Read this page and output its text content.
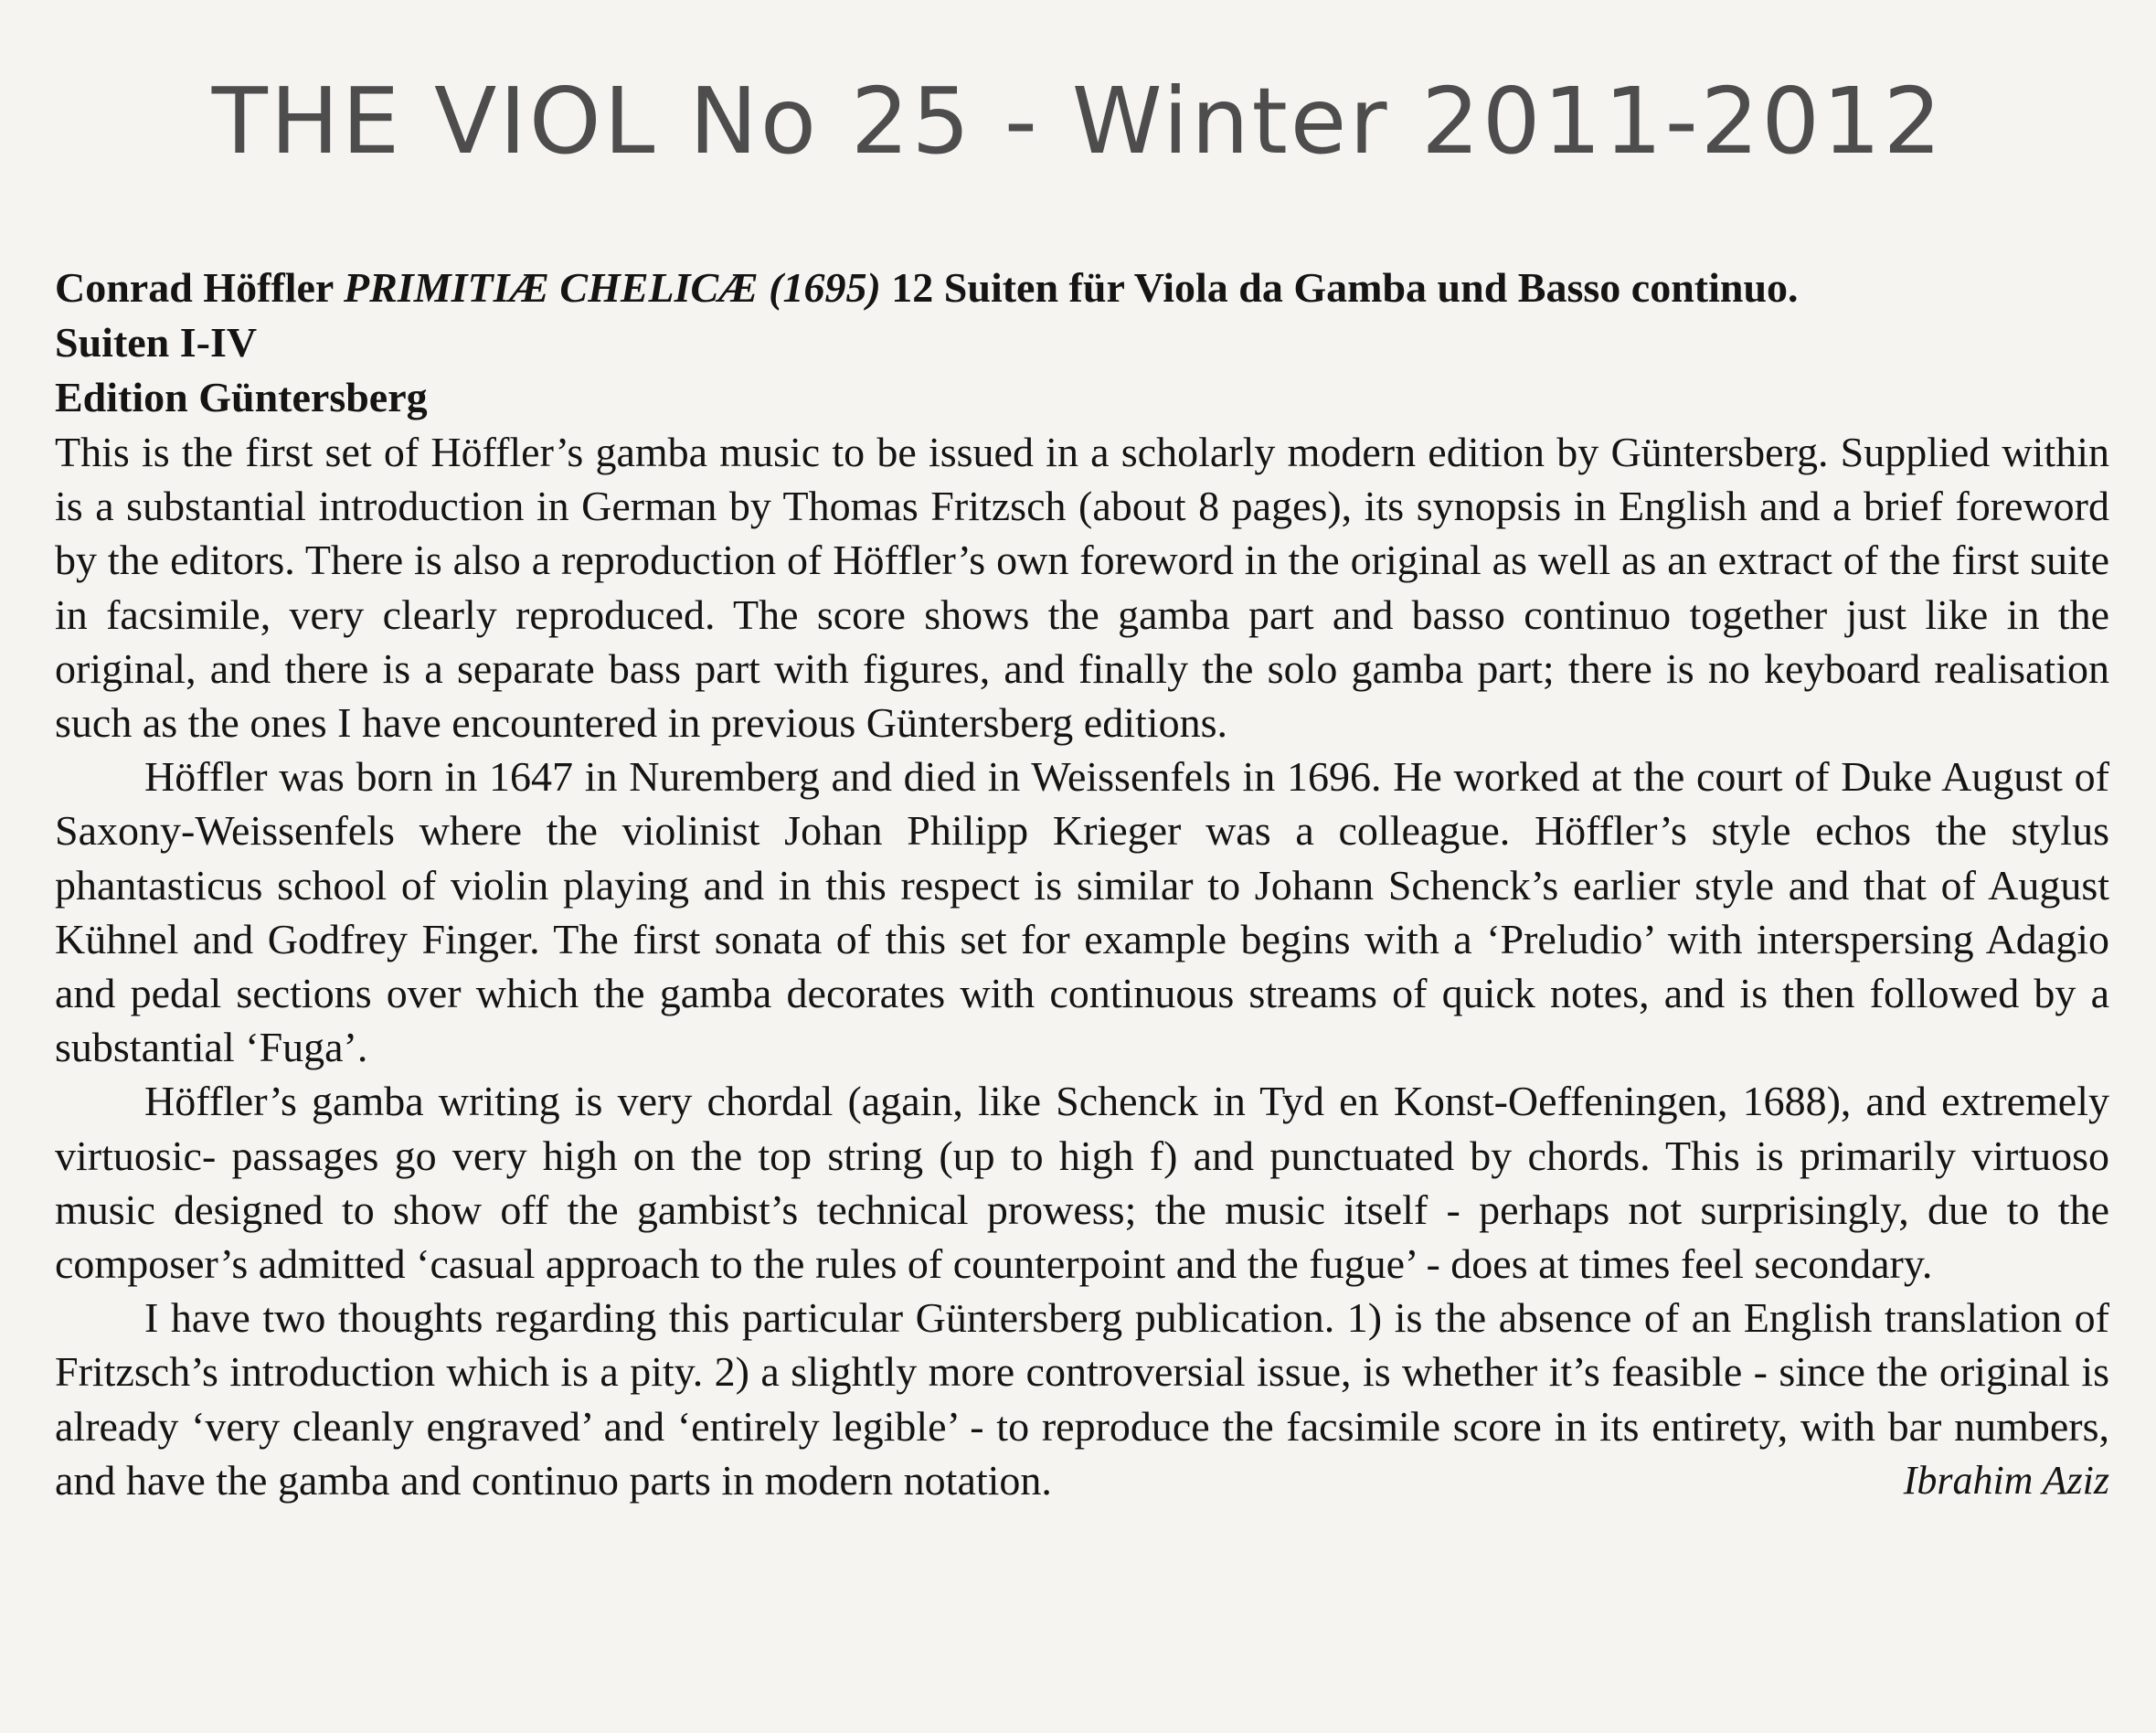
THE VIOL No 25 - Winter 2011-2012
Conrad Höffler PRIMITIÆ CHELICÆ (1695) 12 Suiten für Viola da Gamba und Basso continuo.
Suiten I-IV
Edition Güntersberg

This is the first set of Höffler’s gamba music to be issued in a scholarly modern edition by Güntersberg. Supplied within is a substantial introduction in German by Thomas Fritzsch (about 8 pages), its synopsis in English and a brief foreword by the editors. There is also a reproduction of Höffler’s own foreword in the original as well as an extract of the first suite in facsimile, very clearly reproduced. The score shows the gamba part and basso continuo together just like in the original, and there is a separate bass part with figures, and finally the solo gamba part; there is no keyboard realisation such as the ones I have encountered in previous Güntersberg editions.

Höffler was born in 1647 in Nuremberg and died in Weissenfels in 1696. He worked at the court of Duke August of Saxony-Weissenfels where the violinist Johan Philipp Krieger was a colleague. Höffler’s style echos the stylus phantasticus school of violin playing and in this respect is similar to Johann Schenck’s earlier style and that of August Kühnel and Godfrey Finger. The first sonata of this set for example begins with a ‘Preludio’ with interspersing Adagio and pedal sections over which the gamba decorates with continuous streams of quick notes, and is then followed by a substantial ‘Fuga’.

Höffler’s gamba writing is very chordal (again, like Schenck in Tyd en Konst-Oeffeningen, 1688), and extremely virtuosic- passages go very high on the top string (up to high f) and punctuated by chords. This is primarily virtuoso music designed to show off the gambist’s technical prowess; the music itself - perhaps not surprisingly, due to the composer’s admitted ‘casual approach to the rules of counterpoint and the fugue’ - does at times feel secondary.

I have two thoughts regarding this particular Güntersberg publication. 1) is the absence of an English translation of Fritzsch’s introduction which is a pity. 2) a slightly more controversial issue, is whether it’s feasible - since the original is already ‘very cleanly engraved’ and ‘entirely legible’ - to reproduce the facsimile score in its entirety, with bar numbers, and have the gamba and continuo parts in modern notation.	Ibrahim Aziz
